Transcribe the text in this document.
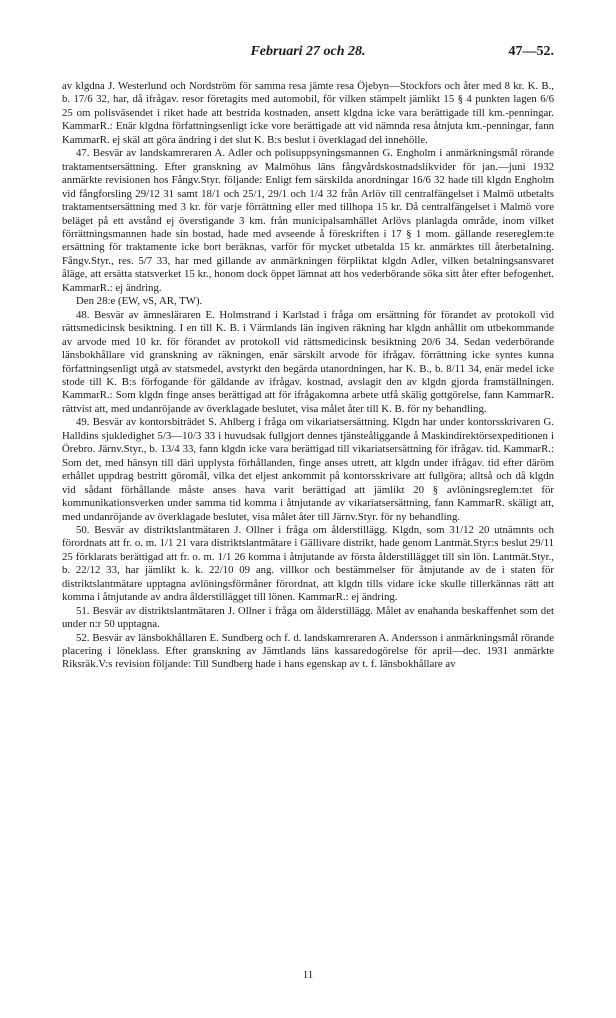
Februari 27 och 28.	47—52.

av klgdna J. Westerlund och Nordström för samma resa jämte resa Öjebyn—Stockfors och åter med 8 kr. K. B., b. 17/6 32, har, då ifrågav. resor företagits med automobil, för vilken stämpelt jämlikt 15 § 4 punkten lagen 6/6 25 om polisväsendet i riket hade att bestrida kostnaden, ansett klgdna icke vara berättigade till km.-penningar. KammarR.: Enär klgdna författningsenligt icke vore berättigade att vid nämnda resa åtnjuta km.-penningar, fann KammarR. ej skäl att göra ändring i det slut K. B:s beslut i överklagad del innehölle.

47. Besvär av landskamreraren A. Adler och polisuppsyningsmannen G. Engholm i anmärkningsmål rörande traktamentsersättning. Efter granskning av Malmöhus läns fångvårdskostnadslikvider för jan.—juni 1932 anmärkte revisionen hos Fångv.Styr. följande: Enligt fem särskilda anordningar 16/6 32 hade till klgdn Engholm vid fångforsling 29/12 31 samt 18/1 och 25/1, 29/1 och 1/4 32 från Arlöv till centralfängelset i Malmö utbetalts traktamentsersättning med 3 kr. för varje förrättning eller med tillhopa 15 kr. Då centralfängelset i Malmö vore beläget på ett avstånd ej överstigande 3 km. från municipalsamhället Arlövs planlagda område, inom vilket förrättningsmannen hade sin bostad, hade med avseende å föreskriften i 17 § 1 mom. gällande resereglem:te ersättning för traktamente icke bort beräknas, varför för mycket utbetalda 15 kr. anmärktes till återbetalning. Fångv.Styr., res. 5/7 33, har med gillande av anmärkningen förpliktat klgdn Adler, vilken betalningsansvaret åläge, att ersätta statsverket 15 kr., honom dock öppet lämnat att hos vederbörande söka sitt åter efter befogenhet. KammarR.: ej ändring.

Den 28:e (EW, vS, AR, TW).

48. Besvär av ämnesläraren E. Holmstrand i Karlstad i fråga om ersättning för förandet av protokoll vid rättsmedicinsk besiktning. I en till K. B. i Värmlands län ingiven räkning har klgdn anhållit om utbekommande av arvode med 10 kr. för förandet av protokoll vid rättsmedicinsk besiktning 20/6 34. Sedan vederbörande länsbokhållare vid granskning av räkningen, enär särskilt arvode för ifrågav. förrättning icke syntes kunna författningsenligt utgå av statsmedel, avstyrkt den begärda utanordningen, har K. B., b. 8/11 34, enär medel icke stode till K. B:s förfogande för gäldande av ifrågav. kostnad, avslagit den av klgdn gjorda framställningen. KammarR.: Som klgdn finge anses berättigad att för ifrågakomna arbete utfå skälig gottgörelse, fann KammarR. rättvist att, med undanröjande av överklagade beslutet, visa målet åter till K. B. för ny behandling.

49. Besvär av kontorsbiträdet S. Ahlberg i fråga om vikariatsersättning. Klgdn har under kontorsskrivaren G. Halldins sjukledighet 5/3—10/3 33 i huvudsak fullgjort dennes tjänsteåliggande å Maskindirektörsexpeditionen i Örebro. Järnv.Styr., b. 13/4 33, fann klgdn icke vara berättigad till vikariatsersättning för ifrågav. tid. KammarR.: Som det, med hänsyn till däri upplysta förhållanden, finge anses utrett, att klgdn under ifrågav. tid efter däröm erhållet uppdrag bestritt göromål, vilka det eljest ankommit på kontorsskrivare att fullgöra; alltså och då klgdn vid sådant förhållande måste anses hava varit berättigad att jämlikt 20 § avlöningsreglem:tet för kommunikationsverken under samma tid komma i åtnjutande av vikariatsersättning, fann KammarR. skäligt att, med undanröjande av överklagade beslutet, visa målet åter till Järnv.Styr. för ny behandling.

50. Besvär av distriktslantmätaren J. Ollner i fråga om ålderstillägg. Klgdn, som 31/12 20 utnämnts och förordnats att fr. o. m. 1/1 21 vara distriktslantmätare i Gällivare distrikt, hade genom Lantmät.Styr:s beslut 29/11 25 förklarats berättigad att fr. o. m. 1/1 26 komma i åtnjutande av första ålderstillägget till sin lön. Lantmät.Styr., b. 22/12 33, har jämlikt k. k. 22/10 09 ang. villkor och bestämmelser för åtnjutande av de i staten för distriktslantmätare upptagna avlöningsförmåner förordnat, att klgdn tills vidare icke skulle tillerkännas rätt att komma i åtnjutande av andra ålderstillägget till lönen. KammarR.: ej ändring.

51. Besvär av distriktslantmätaren J. Ollner i fråga om ålderstillägg. Målet av enahanda beskaffenhet som det under n:r 50 upptagna.

52. Besvär av länsbokhållaren E. Sundberg och f. d. landskamreraren A. Andersson i anmärkningsmål rörande placering i löneklass. Efter granskning av Jämtlands läns kassaredogörelse för april—dec. 1931 anmärkte Riksräk.V:s revision följande: Till Sundberg hade i hans egenskap av t. f. länsbokhållare av

11
